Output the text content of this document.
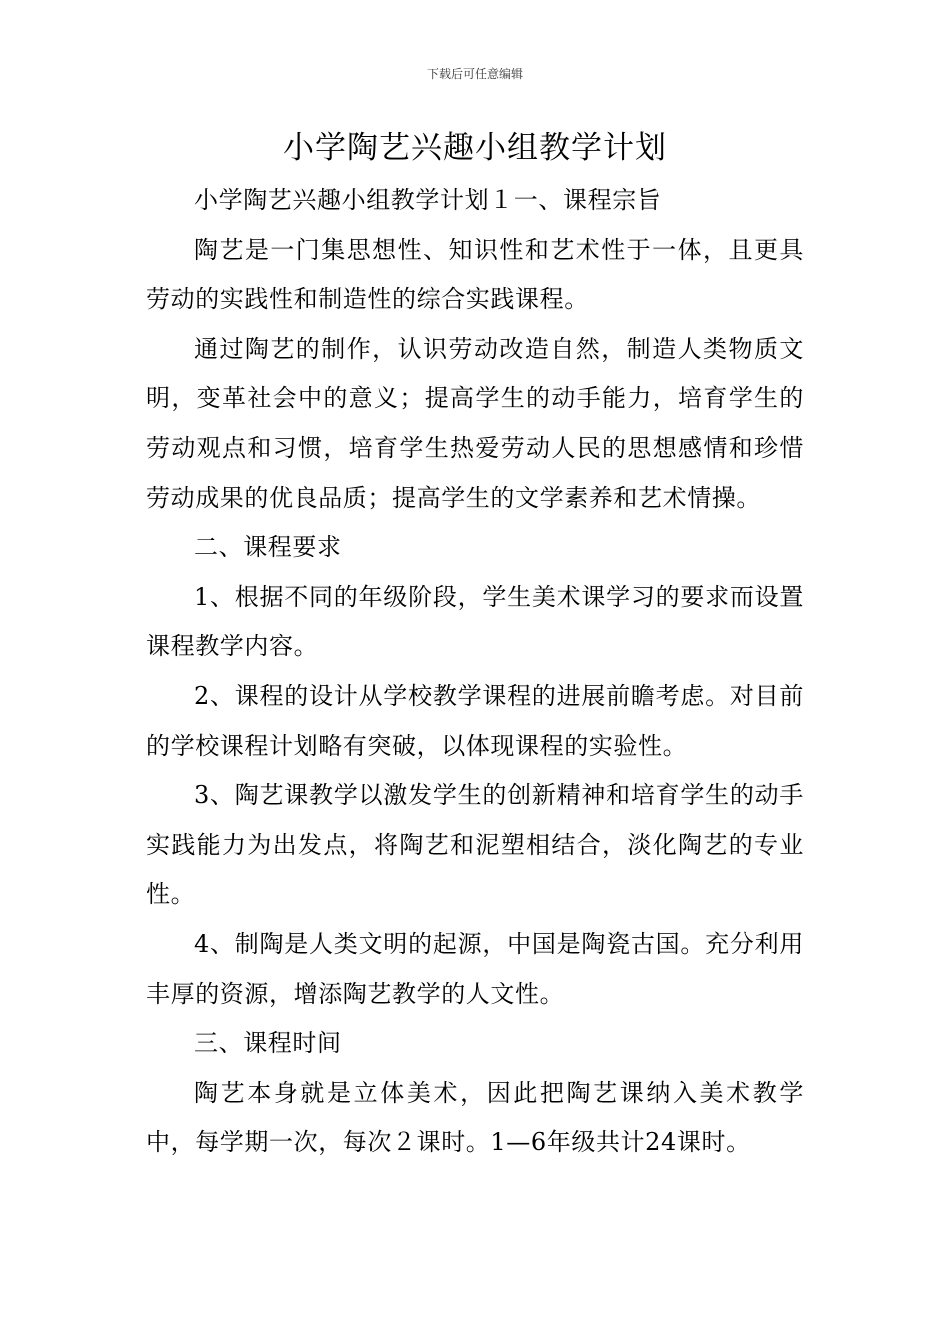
下载后可任意编辑
小学陶艺兴趣小组教学计划

小学陶艺兴趣小组教学计划１一、课程宗旨

陶艺是一门集思想性、知识性和艺术性于一体，且更具劳动的实践性和制造性的综合实践课程。

通过陶艺的制作，认识劳动改造自然，制造人类物质文明，变革社会中的意义；提高学生的动手能力，培育学生的劳动观点和习惯，培育学生热爱劳动人民的思想感情和珍惜劳动成果的优良品质；提高学生的文学素养和艺术情操。

二、课程要求

1、根据不同的年级阶段，学生美术课学习的要求而设置课程教学内容。

2、课程的设计从学校教学课程的进展前瞻考虑。对目前的学校课程计划略有突破，以体现课程的实验性。

3、陶艺课教学以激发学生的创新精神和培育学生的动手实践能力为出发点，将陶艺和泥塑相结合，淡化陶艺的专业性。

4、制陶是人类文明的起源，中国是陶瓷古国。充分利用丰厚的资源，增添陶艺教学的人文性。

三、课程时间

陶艺本身就是立体美术，因此把陶艺课纳入美术教学中，每学期一次，每次２课时。1—6年级共计24课时。
